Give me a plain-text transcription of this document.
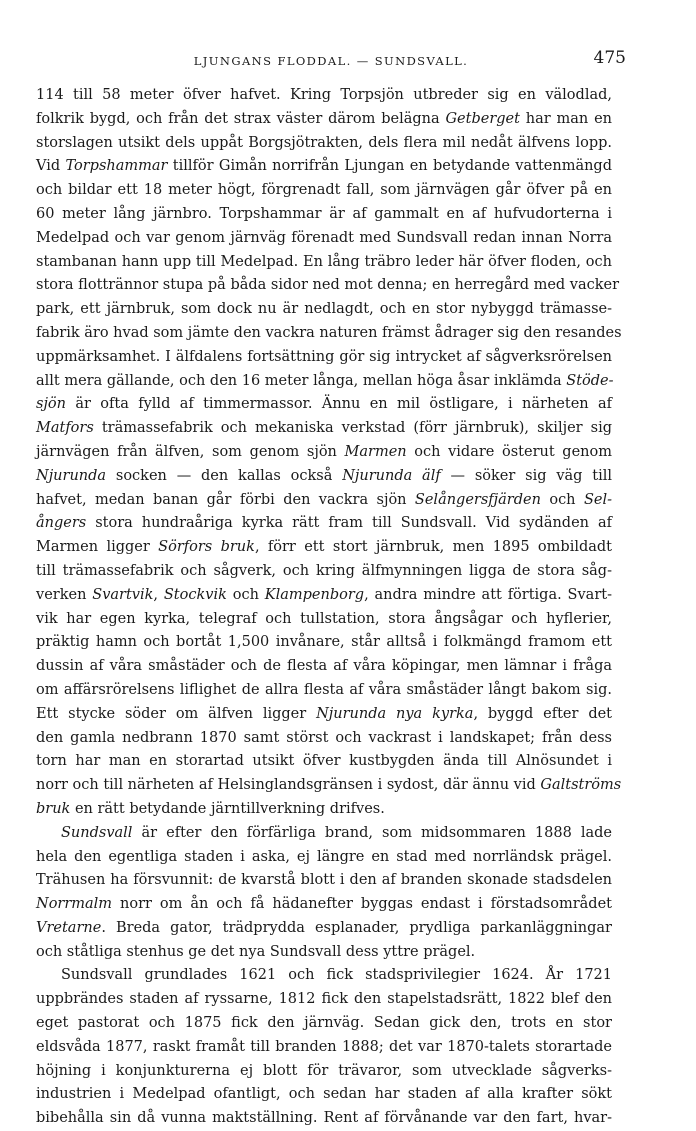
LJUNGANS FLODDAL. — SUNDSVALL.	475
114 till 58 meter öfver hafvet. Kring Torpsjön utbreder sig en välodlad,
folkrik bygd, och från det strax väster därom belägna Getberget har man en
storslagen utsikt dels uppåt Borgsjötrakten, dels flera mil nedåt älfvens lopp.
Vid Torpshammar tillför Gimån norrifrån Ljungan en betydande vattenmängd
och bildar ett 18 meter högt, förgrenadt fall, som järnvägen går öfver på en
60 meter lång järnbro. Torpshammar är af gammalt en af hufvudorterna i
Medelpad och var genom järnväg förenadt med Sundsvall redan innan Norra
stambanan hann upp till Medelpad. En lång träbro leder här öfver floden, och
stora flottrännor stupa på båda sidor ned mot denna; en herregård med vacker
park, ett järnbruk, som dock nu är nedlagdt, och en stor nybyggd trämasse-
fabrik äro hvad som jämte den vackra naturen främst ådrager sig den resandes
uppmärksamhet. I älfdalens fortsättning gör sig intrycket af sågverksrörelsen
allt mera gällande, och den 16 meter långa, mellan höga åsar inklämda Stöde-
sjön är ofta fylld af timmermassor. Ännu en mil östligare, i närheten af
Matfors trämassefabrik och mekaniska verkstad (förr järnbruk), skiljer sig
järnvägen från älfven, som genom sjön Marmen och vidare österut genom
Njurunda socken — den kallas också Njurunda älf — söker sig väg till
hafvet, medan banan går förbi den vackra sjön Selångersfjärden och Sel-
ångers stora hundraåriga kyrka rätt fram till Sundsvall. Vid sydänden af
Marmen ligger Sörfors bruk, förr ett stort järnbruk, men 1895 ombildadt
till trämassefabrik och sågverk, och kring älfmynningen ligga de stora såg-
verken Svartvik, Stockvik och Klampenborg, andra mindre att förtiga. Svart-
vik har egen kyrka, telegraf och tullstation, stora ångsågar och hyflerier,
präktig hamn och bortåt 1,500 invånare, står alltså i folkmängd framom ett
dussin af våra småstäder och de flesta af våra köpingar, men lämnar i fråga
om affärsrörelsens liflighet de allra flesta af våra småstäder långt bakom sig.
Ett stycke söder om älfven ligger Njurunda nya kyrka, byggd efter det
den gamla nedbrann 1870 samt störst och vackrast i landskapet; från dess
torn har man en storartad utsikt öfver kustbygden ända till Alnösundet i
norr och till närheten af Helsinglandsgränsen i sydost, där ännu vid Galtströms
bruk en rätt betydande järntillverkning drifves.
Sundsvall är efter den förfärliga brand, som midsommaren 1888 lade
hela den egentliga staden i aska, ej längre en stad med norrländsk prägel.
Trähusen ha försvunnit: de kvarstå blott i den af branden skonade stadsdelen
Norrmalm norr om ån och få hädanefter byggas endast i förstadsområdet
Vretarne. Breda gator, trädprydda esplanader, prydliga parkanläggningar
och ståtliga stenhus ge det nya Sundsvall dess yttre prägel.
Sundsvall grundlades 1621 och fick stadsprivilegier 1624. År 1721
uppbrändes staden af ryssarne, 1812 fick den stapelstadsrätt, 1822 blef den
eget pastorat och 1875 fick den järnväg. Sedan gick den, trots en stor
eldsvåda 1877, raskt framåt till branden 1888; det var 1870-talets storartade
höjning i konjunkturerna ej blott för trävaror, som utvecklade sågverks-
industrien i Medelpad ofantligt, och sedan har staden af alla krafter sökt
bibehålla sin då vunna maktställning. Rent af förvånande var den fart, hvar-
